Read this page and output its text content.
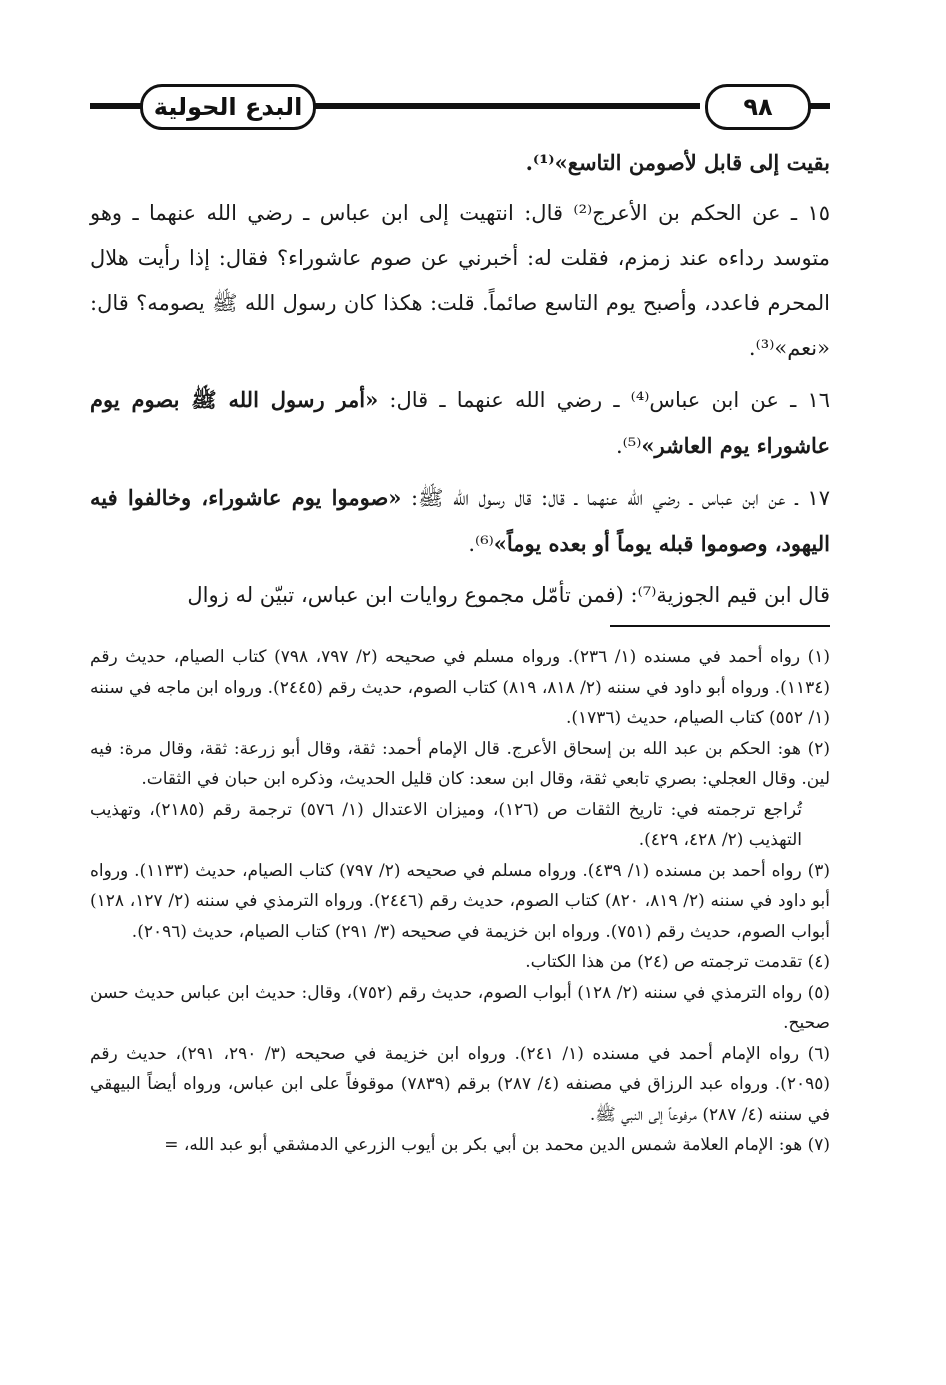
البدع الحولية	٩٨

بقيت إلى قابل لأصومن التاسع»⁽¹⁾.

١٥ ـ عن الحكم بن الأعرج⁽²⁾ قال: انتهيت إلى ابن عباس ـ رضي الله عنهما ـ وهو متوسد رداءه عند زمزم، فقلت له: أخبرني عن صوم عاشوراء؟ فقال: إذا رأيت هلال المحرم فاعدد، وأصبح يوم التاسع صائماً. قلت: هكذا كان رسول الله ﷺ يصومه؟ قال: «نعم»⁽³⁾.

١٦ ـ عن ابن عباس⁽⁴⁾ ـ رضي الله عنهما ـ قال: «أمر رسول الله ﷺ بصوم يوم عاشوراء يوم العاشر»⁽⁵⁾.

١٧ ـ عن ابن عباس ـ رضي الله عنهما ـ قال: قال رسول الله ﷺ: «صوموا يوم عاشوراء، وخالفوا فيه اليهود، وصوموا قبله يوماً أو بعده يوماً»⁽⁶⁾.

قال ابن قيم الجوزية⁽⁷⁾: (فمن تأمّل مجموع روايات ابن عباس، تبيّن له زوال

(١) رواه أحمد في مسنده (١/ ٢٣٦). ورواه مسلم في صحيحه (٢/ ٧٩٧، ٧٩٨) كتاب الصيام، حديث رقم (١١٣٤). ورواه أبو داود في سننه (٢/ ٨١٨، ٨١٩) كتاب الصوم، حديث رقم (٢٤٤٥). ورواه ابن ماجه في سننه (١/ ٥٥٢) كتاب الصيام، حديث (١٧٣٦).

(٢) هو: الحكم بن عبد الله بن إسحاق الأعرج. قال الإمام أحمد: ثقة، وقال أبو زرعة: ثقة، وقال مرة: فيه لين. وقال العجلي: بصري تابعي ثقة، وقال ابن سعد: كان قليل الحديث، وذكره ابن حبان في الثقات.

تُراجع ترجمته في: تاريخ الثقات ص (١٢٦)، وميزان الاعتدال (١/ ٥٧٦) ترجمة رقم (٢١٨٥)، وتهذيب التهذيب (٢/ ٤٢٨، ٤٢٩).

(٣) رواه أحمد بن مسنده (١/ ٤٣٩). ورواه مسلم في صحيحه (٢/ ٧٩٧) كتاب الصيام، حديث (١١٣٣). ورواه أبو داود في سننه (٢/ ٨١٩، ٨٢٠) كتاب الصوم، حديث رقم (٢٤٤٦). ورواه الترمذي في سننه (٢/ ١٢٧، ١٢٨) أبواب الصوم، حديث رقم (٧٥١). ورواه ابن خزيمة في صحيحه (٣/ ٢٩١) كتاب الصيام، حديث (٢٠٩٦).

(٤) تقدمت ترجمته ص (٢٤) من هذا الكتاب.

(٥) رواه الترمذي في سننه (٢/ ١٢٨) أبواب الصوم، حديث رقم (٧٥٢)، وقال: حديث ابن عباس حديث حسن صحيح.

(٦) رواه الإمام أحمد في مسنده (١/ ٢٤١). ورواه ابن خزيمة في صحيحه (٣/ ٢٩٠، ٢٩١)، حديث رقم (٢٠٩٥). ورواه عبد الرزاق في مصنفه (٤/ ٢٨٧) برقم (٧٨٣٩) موقوفاً على ابن عباس، ورواه أيضاً البيهقي في سننه (٤/ ٢٨٧) مرفوعاً إلى النبي ﷺ.

(٧) هو: الإمام العلامة شمس الدين محمد بن أبي بكر بن أيوب الزرعي الدمشقي أبو عبد الله، =
